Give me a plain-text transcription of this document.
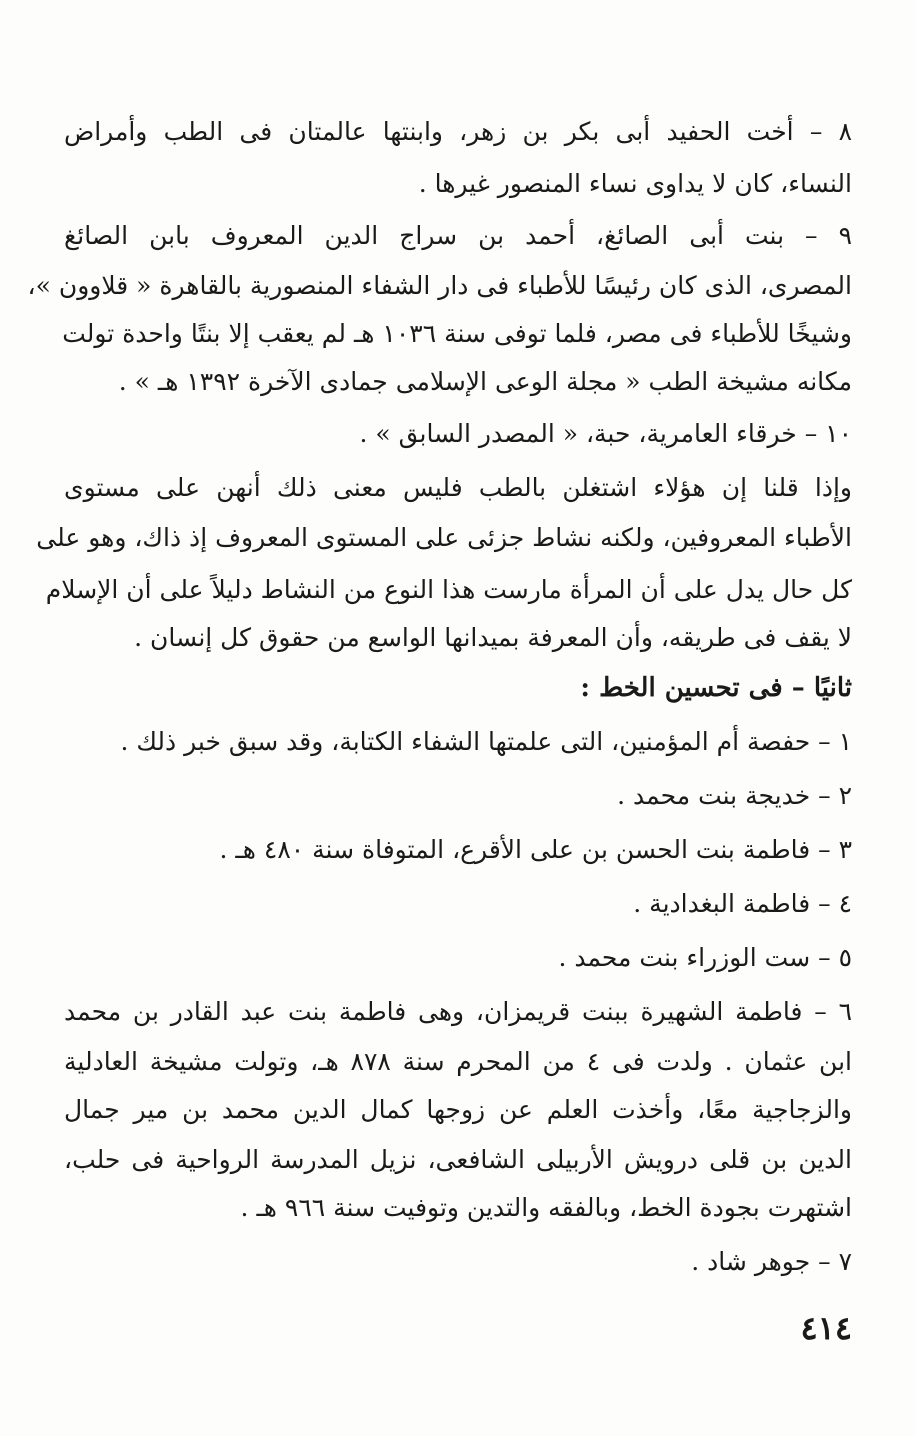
٨ – أخت الحفيد أبى بكر بن زهر، وابنتها عالمتان فى الطب وأمراض
النساء، كان لا يداوى نساء المنصور غيرها .
٩ – بنت أبى الصائغ، أحمد بن سراج الدين المعروف بابن الصائغ
المصرى، الذى كان رئيسًا للأطباء فى دار الشفاء المنصورية بالقاهرة « قلاوون »،
وشيخًا للأطباء فى مصر، فلما توفى سنة ١٠٣٦ هـ لم يعقب إلا بنتًا واحدة تولت
مكانه مشيخة الطب « مجلة الوعى الإسلامى جمادى الآخرة ١٣٩٢ هـ » .
١٠ – خرقاء العامرية، حبة، « المصدر السابق » .
وإذا قلنا إن هؤلاء اشتغلن بالطب فليس معنى ذلك أنهن على مستوى
الأطباء المعروفين، ولكنه نشاط جزئى على المستوى المعروف إذ ذاك، وهو على
كل حال يدل على أن المرأة مارست هذا النوع من النشاط دليلاً على أن الإسلام
لا يقف فى طريقه، وأن المعرفة بميدانها الواسع من حقوق كل إنسان .
ثانيًا – فى تحسين الخط :
١ – حفصة أم المؤمنين، التى علمتها الشفاء الكتابة، وقد سبق خبر ذلك .
٢ – خديجة بنت محمد .
٣ – فاطمة بنت الحسن بن على الأقرع، المتوفاة سنة ٤٨٠ هـ .
٤ – فاطمة البغدادية .
٥ – ست الوزراء بنت محمد .
٦ – فاطمة الشهيرة ببنت قريمزان، وهى فاطمة بنت عبد القادر بن محمد
ابن عثمان . ولدت فى ٤ من المحرم سنة ٨٧٨ هـ، وتولت مشيخة العادلية
والزجاجية معًا، وأخذت العلم عن زوجها كمال الدين محمد بن مير جمال
الدين بن قلى درويش الأربيلى الشافعى، نزيل المدرسة الرواحية فى حلب،
اشتهرت بجودة الخط، وبالفقه والتدين وتوفيت سنة ٩٦٦ هـ .
٧ – جوهر شاد .
٤١٤
